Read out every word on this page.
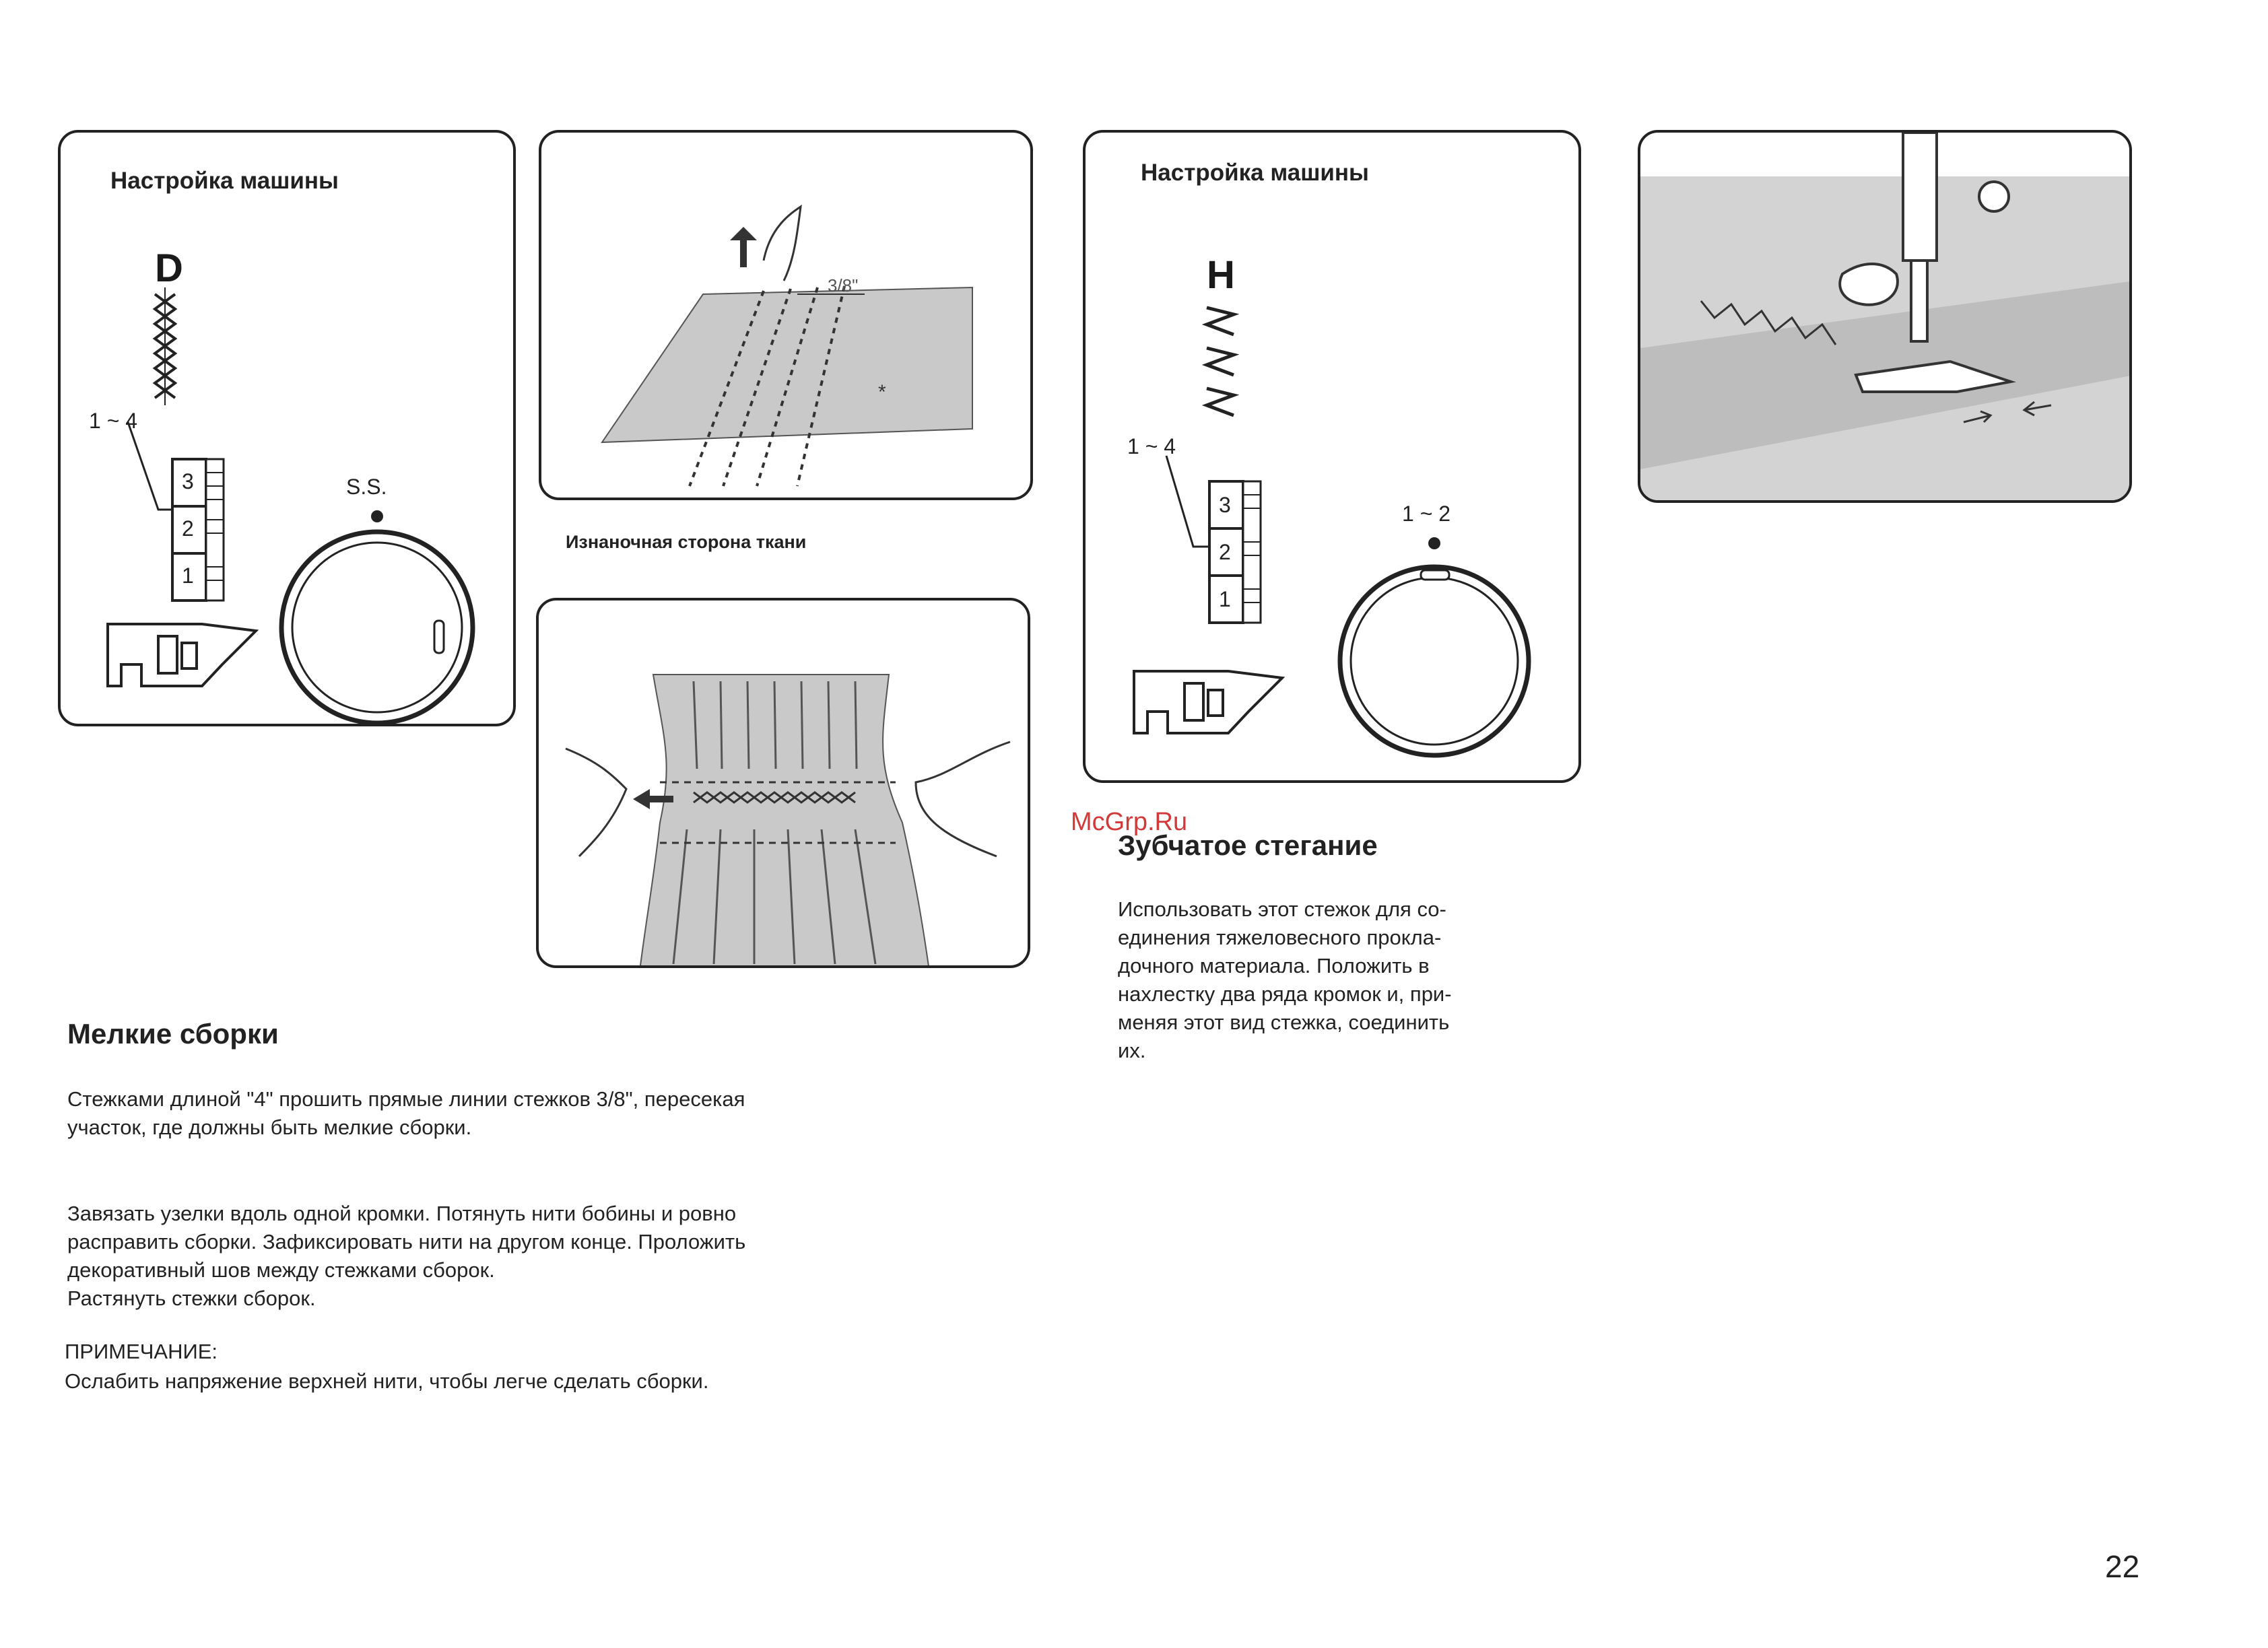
Настройка машины
D
1 ~ 4
3
2
1
S.S.
*
3/8"
Изнаночная сторона ткани
Настройка машины
H
1 ~ 4
3
2
1
1 ~ 2
McGrp.Ru
Зубчатое стегание

Использовать этот стежок для со-

единения тяжеловесного прокла-

дочного материала. Положить в

нахлестку два ряда кромок и, при-

меняя этот вид стежка, соединить

их.

Мелкие сборки

Стежками длиной "4" прошить прямые линии стежков 3/8", пересекая

участок, где должны быть мелкие сборки.

Завязать узелки вдоль одной кромки. Потянуть нити бобины и ровно

расправить сборки. Зафиксировать нити на другом конце. Проложить

декоративный шов между стежками сборок.

Растянуть стежки сборок.

ПРИМЕЧАНИЕ:
Ослабить напряжение верхней нити, чтобы легче сделать сборки.
22
